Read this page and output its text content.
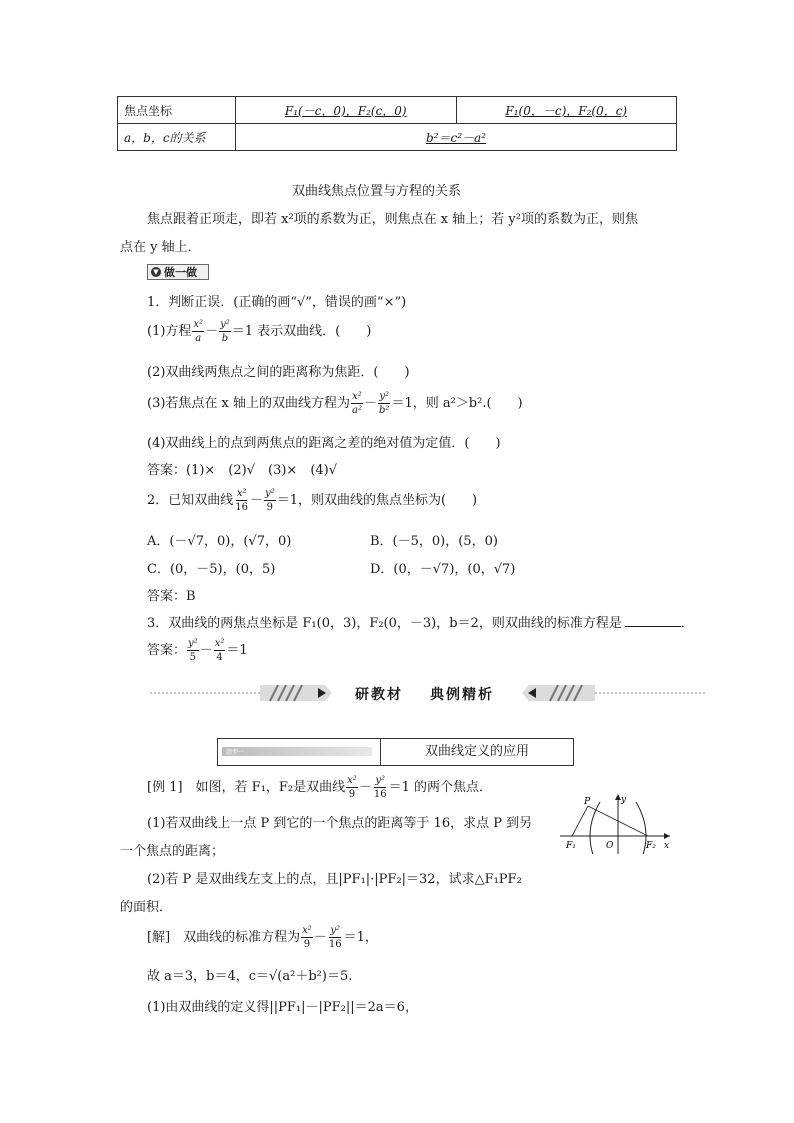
焦点坐标	F₁(－c，0)，F₂(c，0)	F₁(0，－c)，F₂(0，c)
a，b，c的关系	b²＝c²－a²	
双曲线焦点位置与方程的关系
焦点跟着正项走，即若 x²项的系数为正，则焦点在 x 轴上；若 y²项的系数为正，则焦
点在 y 轴上．
▼ 做一做
1．判断正误．(正确的画“√”，错误的画“×”)
(1)方程 $\frac{\text{x²}}{a} - \frac{\text{y²}}{b} =1$ 表示双曲线．(　　)
(2)双曲线两焦点之间的距离称为焦距．(　　)
(3)若焦点在 x 轴上的双曲线方程为 $\frac{\text{x²}}{\text{a²}} - \frac{\text{y²}}{\text{b²}} =1$，则 a²＞b².(　　)
(4)双曲线上的点到两焦点的距离之差的绝对值为定值．(　　)
答案：(1)×　(2)√　(3)×　(4)√
2．已知双曲线 $\frac{\text{x²}}{16} - \frac{\text{y²}}{9} =1$，则双曲线的焦点坐标为(　　)
A．(－√7，0)，(√7，0)	B．(－5，0)，(5，0)
C．(0，－5)，(0，5)	D．(0，－√7)，(0，√7)
答案：B
3．双曲线的两焦点坐标是 F₁(0，3)，F₂(0，－3)，b＝2，则双曲线的标准方程是	．
答案： $\frac{\text{y²}}{5} - \frac{\text{x²}}{4} =1$
研教材 典例精析
题型一	双曲线定义的应用
[例 1]　如图，若 F₁，F₂是双曲线 $\frac{\text{x²}}{9} - \frac{\text{y²}}{16} =1$ 的两个焦点．
(1)若双曲线上一点 P 到它的一个焦点的距离等于 16，求点 P 到另
一个焦点的距离；
(2)若 P 是双曲线左支上的点，且|PF₁|·|PF₂|＝32，试求△F₁PF₂
的面积．
P	y
F₁	O	F₂ x
[解]　双曲线的标准方程为 $\frac{\text{x²}}{9} - \frac{\text{y²}}{16} =1$，
故 a＝3，b＝4，c＝√(a²＋b²)＝5.
(1)由双曲线的定义得||PF₁|－|PF₂||＝2a＝6，
